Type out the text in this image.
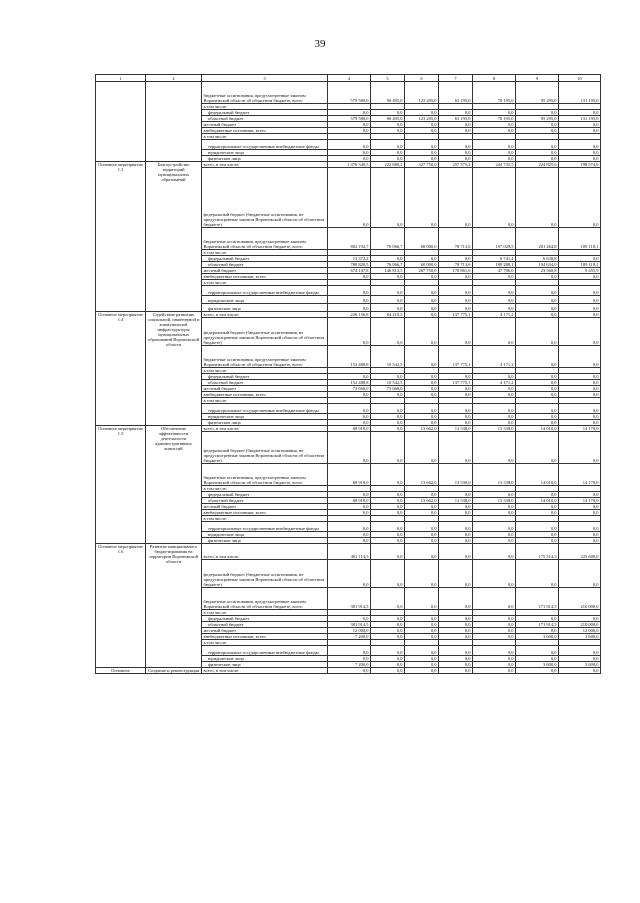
39
1	2	3	4	5	6	7	8	9	10
		бюджетные ассигнования, предусмотренные законом Воронежской области об областном бюджете, всего	579 580,0	96 495,0	123 205,0	63 195,0	70 195,0	95 295,0	131 195,0
		в том числе:							
		федеральный бюджет	0,0	0,0	0,0	0,0	0,0	0,0	0,0
		областной бюджет	579 580,0	96 495,0	123 205,0	63 195,0	70 195,0	95 295,0	131 195,0
		местный бюджет	0,0	0,0	0,0	0,0	0,0	0,0	0,0
		внебюджетные источники, всего	0,0	0,0	0,0	0,0	0,0	0,0	0,0
		в том числе:							
		территориальные государственные внебюджетные фонды	0,0	0,0	0,0	0,0	0,0	0,0	0,0
		юридические лица	0,0	0,0	0,0	0,0	0,0	0,0	0,0
		физические лица	0,0	0,0	0,0	0,0	0,0	0,0	0,0
Основное мероприятие 1.3	Благоустройство территорий муниципальных образований	всего, в том числе:	1 476 340,5	222 880,2	327 750,0	257 575,2	244 735,5	224 825,6	198 574,0
		федеральный бюджет (бюджетные ассигнования, не предусмотренные законом Воронежской области об областном бюджете)	0,0	0,0	0,0	0,0	0,0	0,0	0,0
		бюджетные ассигнования, предусмотренные законом Воронежской области об областном бюджете, всего	802 192,7	76 066,7	60 000,0	78 713,6	197 029,5	201 264,8	189 118,1
		в том числе:							
		федеральный бюджет	13 372,2	0,0	0,0	0,0	6 741,4	6 630,8	0,0
		областной бюджет	788 820,5	76 066,7	60 000,0	78 713,6	190 288,1	194 634,0	189 118,1
		местный бюджет	674 147,8	146 813,5	267 750,0	178 861,6	47 706,0	23 560,8	9 455,9
		внебюджетные источники, всего	0,0	0,0	0,0	0,0	0,0	0,0	0,0
		в том числе:							
		территориальные государственные внебюджетные фонды	0,0	0,0	0,0	0,0	0,0	0,0	0,0
		юридические лица	0,0	0,0	0,0	0,0	0,0	0,0	0,0
		физические лица	0,0	0,0	0,0	0,0	0,0	0,0	0,0
Основное мероприятие 1.4	Содействие развитию социальной, инженерной и коммунальной инфраструктуры муниципальных образований Воронежской области	всего, в том числе:	226 156,8	84 210,5	0,0	137 775,1	4 171,2	0,0	0,0
		федеральный бюджет (бюджетные ассигнования, не предусмотренные законом Воронежской области об областном бюджете)	0,0	0,0	0,0	0,0	0,0	0,0	0,0
		бюджетные ассигнования, предусмотренные законом Воронежской области об областном бюджете, всего	152 488,8	10 542,5	0,0	137 775,1	4 171,2	0,0	0,0
		в том числе:							
		федеральный бюджет	0,0	0,0	0,0	0,0	0,0	0,0	0,0
		областной бюджет	152 488,8	10 542,5	0,0	137 775,1	4 171,2	0,0	0,0
		местный бюджет	73 668,0	73 668,0	0,0	0,0	0,0	0,0	0,0
		внебюджетные источники, всего	0,0	0,0	0,0	0,0	0,0	0,0	0,0
		в том числе:							
		территориальные государственные внебюджетные фонды	0,0	0,0	0,0	0,0	0,0	0,0	0,0
		юридические лица	0,0	0,0	0,0	0,0	0,0	0,0	0,0
		физические лица	0,0	0,0	0,0	0,0	0,0	0,0	0,0
Основное мероприятие 1.5	Обеспечение эффективности деятельности административных комиссий	всего, в том числе:	68 918,0	0,0	13 662,0	13 538,0	13 538,0	14 010,0	14 170,0
		федеральный бюджет (бюджетные ассигнования, не предусмотренные законом Воронежской области об областном бюджете)	0,0	0,0	0,0	0,0	0,0	0,0	0,0
		бюджетные ассигнования, предусмотренные законом Воронежской области об областном бюджете, всего	68 918,0	0,0	13 662,0	13 538,0	13 538,0	14 010,0	14 170,0
		в том числе:							
		федеральный бюджет	0,0	0,0	0,0	0,0	0,0	0,0	0,0
		областной бюджет	68 918,0	0,0	13 662,0	13 538,0	13 538,0	14 010,0	14 170,0
		местный бюджет	0,0	0,0	0,0	0,0	0,0	0,0	0,0
		внебюджетные источники, всего	0,0	0,0	0,0	0,0	0,0	0,0	0,0
		в том числе:							
		территориальные государственные внебюджетные фонды	0,0	0,0	0,0	0,0	0,0	0,0	0,0
		юридические лица	0,0	0,0	0,0	0,0	0,0	0,0	0,0
		физические лица	0,0	0,0	0,0	0,0	0,0	0,0	0,0
Основное мероприятие 1.6	Развитие инициативного бюджетирования на территории Воронежской области	всего, в том числе:	401 114,5	0,0	0,0	0,0	0,0	175 514,5	225 600,0
		федеральный бюджет (бюджетные ассигнования, не предусмотренные законом Воронежской области об областном бюджете)	0,0	0,0	0,0	0,0	0,0	0,0	0,0
		бюджетные ассигнования, предусмотренные законом Воронежской области об областном бюджете, всего	381 914,5	0,0	0,0	0,0	0,0	171 914,5	210 000,0
		в том числе:							
		федеральный бюджет	0,0	0,0	0,0	0,0	0,0	0,0	0,0
		областной бюджет	381 914,5	0,0	0,0	0,0	0,0	171 914,5	210 000,0
		местный бюджет	12 000,0	0,0	0,0	0,0	0,0	0,0	12 000,0
		внебюджетные источники, всего	7 200,0	0,0	0,0	0,0	0,0	3 600,0	3 600,0
		в том числе:							
		территориальные государственные внебюджетные фонды	0,0	0,0	0,0	0,0	0,0	0,0	0,0
		юридические лица	0,0	0,0	0,0	0,0	0,0	0,0	0,0
		физические лица	7 200,0	0,0	0,0	0,0	0,0	3 600,0	3 600,0
Основное	Создание и реконструкция	всего, в том числе:	0,0	0,0	0,0	0,0	0,0	0,0	0,0
